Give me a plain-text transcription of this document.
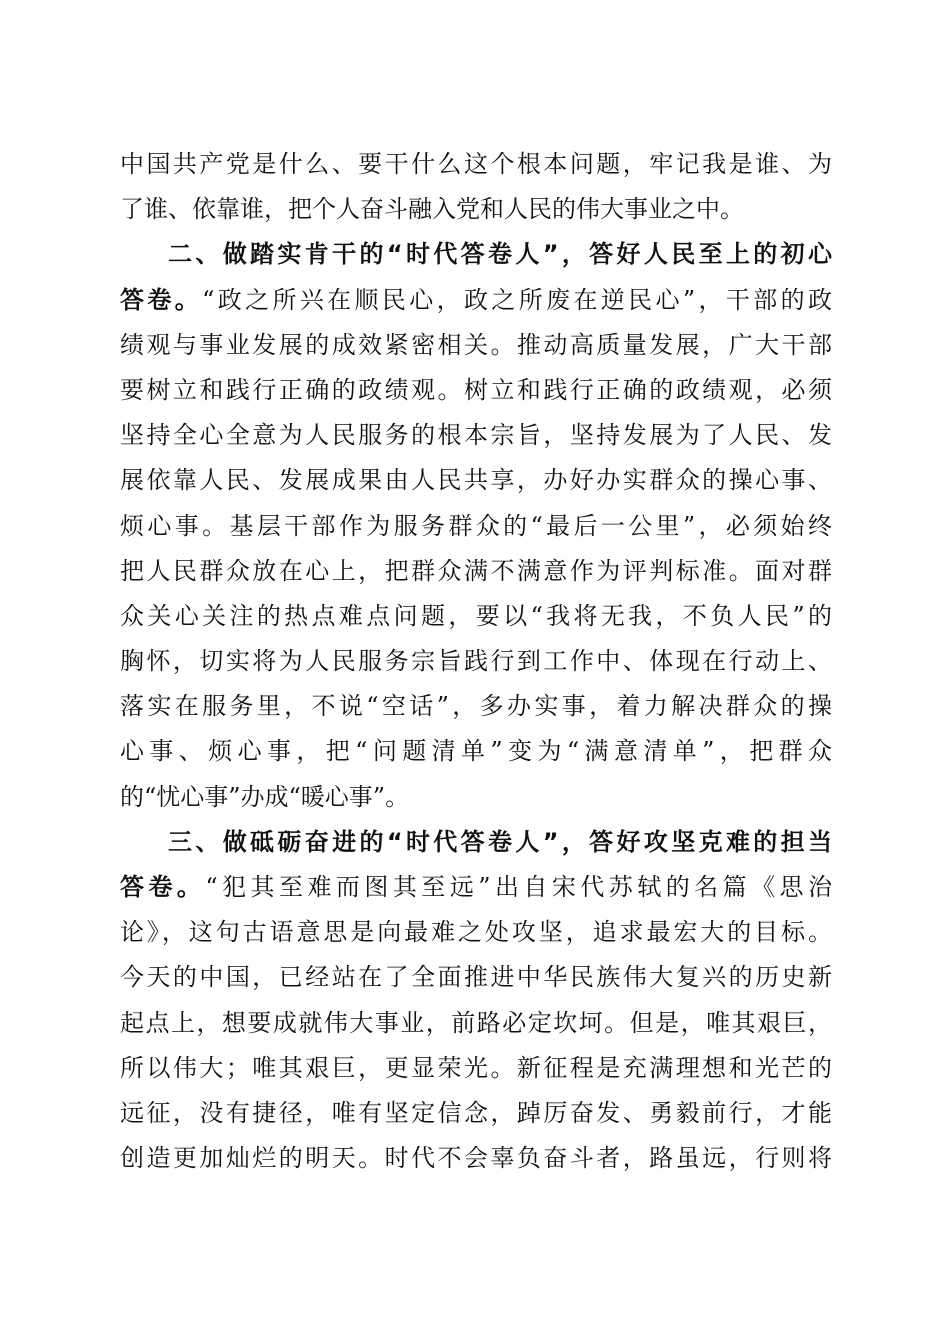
中国共产党是什么、要干什么这个根本问题，牢记我是谁、为
了谁、依靠谁，把个人奋斗融入党和人民的伟大事业之中。
二、做踏实肯干的“时代答卷人”，答好人民至上的初心
答卷。“政之所兴在顺民心，政之所废在逆民心”，干部的政
绩观与事业发展的成效紧密相关。推动高质量发展，广大干部
要树立和践行正确的政绩观。树立和践行正确的政绩观，必须
坚持全心全意为人民服务的根本宗旨，坚持发展为了人民、发
展依靠人民、发展成果由人民共享，办好办实群众的操心事、
烦心事。基层干部作为服务群众的“最后一公里”，必须始终
把人民群众放在心上，把群众满不满意作为评判标准。面对群
众关心关注的热点难点问题，要以“我将无我，不负人民”的
胸怀，切实将为人民服务宗旨践行到工作中、体现在行动上、
落实在服务里，不说“空话”，多办实事，着力解决群众的操
心事、烦心事，把“问题清单”变为“满意清单”，把群众
的“忧心事”办成“暖心事”。
三、做砥砺奋进的“时代答卷人”，答好攻坚克难的担当
答卷。“犯其至难而图其至远”出自宋代苏轼的名篇《思治
论》，这句古语意思是向最难之处攻坚，追求最宏大的目标。
今天的中国，已经站在了全面推进中华民族伟大复兴的历史新
起点上，想要成就伟大事业，前路必定坎坷。但是，唯其艰巨，
所以伟大；唯其艰巨，更显荣光。新征程是充满理想和光芒的
远征，没有捷径，唯有坚定信念，踔厉奋发、勇毅前行，才能
创造更加灿烂的明天。时代不会辜负奋斗者，路虽远，行则将
